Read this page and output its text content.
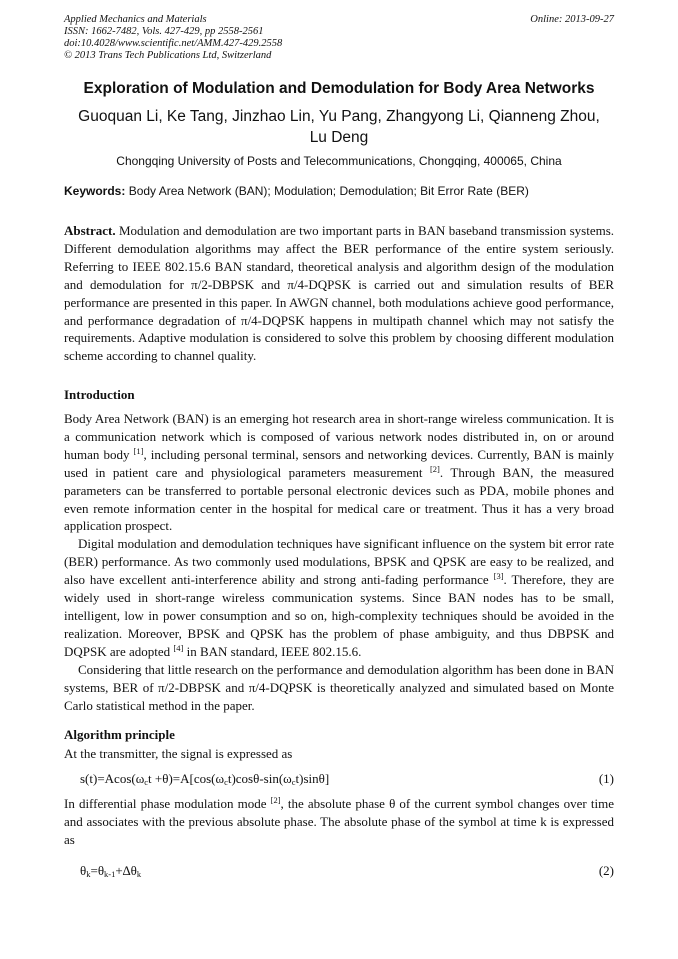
Applied Mechanics and Materials
ISSN: 1662-7482, Vols. 427-429, pp 2558-2561
doi:10.4028/www.scientific.net/AMM.427-429.2558
© 2013 Trans Tech Publications Ltd, Switzerland
Online: 2013-09-27
Exploration of Modulation and Demodulation for Body Area Networks
Guoquan Li, Ke Tang, Jinzhao Lin, Yu Pang, Zhangyong Li, Qianneng Zhou,
Lu Deng
Chongqing University of Posts and Telecommunications, Chongqing, 400065, China
Keywords: Body Area Network (BAN); Modulation; Demodulation; Bit Error Rate (BER)

Abstract. Modulation and demodulation are two important parts in BAN baseband transmission systems. Different demodulation algorithms may affect the BER performance of the entire system seriously. Referring to IEEE 802.15.6 BAN standard, theoretical analysis and algorithm design of the modulation and demodulation for π/2-DBPSK and π/4-DQPSK is carried out and simulation results of BER performance are presented in this paper. In AWGN channel, both modulations achieve good performance, and performance degradation of π/4-DQPSK happens in multipath channel which may not satisfy the requirements. Adaptive modulation is considered to solve this problem by choosing different modulation scheme according to channel quality.

Introduction

Body Area Network (BAN) is an emerging hot research area in short-range wireless communication. It is a communication network which is composed of various network nodes distributed in, on or around human body [1], including personal terminal, sensors and networking devices. Currently, BAN is mainly used in patient care and physiological parameters measurement [2]. Through BAN, the measured parameters can be transferred to portable personal electronic devices such as PDA, mobile phones and even remote information center in the hospital for medical care or treatment. Thus it has a very broad application prospect.

Digital modulation and demodulation techniques have significant influence on the system bit error rate (BER) performance. As two commonly used modulations, BPSK and QPSK are easy to be realized, and also have excellent anti-interference ability and strong anti-fading performance [3]. Therefore, they are widely used in short-range wireless communication systems. Since BAN nodes has to be small, intelligent, low in power consumption and so on, high-complexity techniques should be avoided in the realization. Moreover, BPSK and QPSK has the problem of phase ambiguity, and thus DBPSK and DQPSK are adopted [4] in BAN standard, IEEE 802.15.6.

Considering that little research on the performance and demodulation algorithm has been done in BAN systems, BER of π/2-DBPSK and π/4-DQPSK is theoretically analyzed and simulated based on Monte Carlo statistical method in the paper.

Algorithm principle

At the transmitter, the signal is expressed as

$s(t)=Acos(\omega_ct +\theta)=A[\cos(\omega_ct)\cos\theta-\sin(\omega_ct)\sin\theta]$	(1)

In differential phase modulation mode [2], the absolute phase θ of the current symbol changes over time and associates with the previous absolute phase. The absolute phase of the symbol at time k is expressed as

$\theta_k=\theta_{k-1}+\Delta\theta_k$	(2)
